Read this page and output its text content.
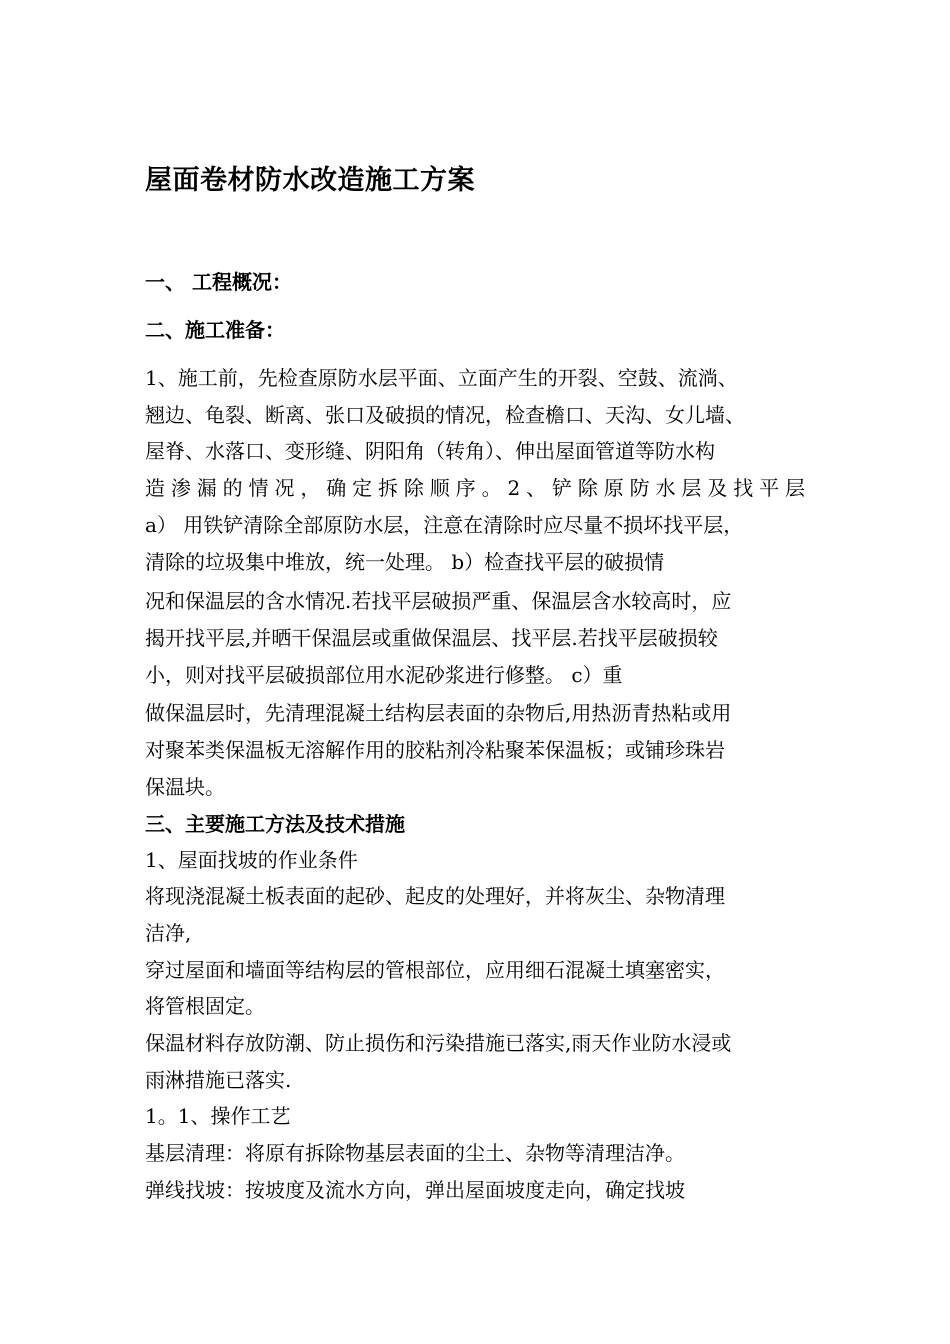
屋面卷材防水改造施工方案
一、 工程概况：
二、施工准备：
1、施工前，先检查原防水层平面、立面产生的开裂、空鼓、流淌、
翘边、龟裂、断离、张口及破损的情况，检查檐口、天沟、女儿墙、
屋脊、水落口、变形缝、阴阳角（转角）、伸出屋面管道等防水构
造渗漏的情况，确定拆除顺序。2、铲除原防水层及找平层
a） 用铁铲清除全部原防水层，注意在清除时应尽量不损坏找平层，
清除的垃圾集中堆放，统一处理。 b）检查找平层的破损情
况和保温层的含水情况.若找平层破损严重、保温层含水较高时，应
揭开找平层,并晒干保温层或重做保温层、找平层.若找平层破损较
小，则对找平层破损部位用水泥砂浆进行修整。 c）重
做保温层时，先清理混凝土结构层表面的杂物后,用热沥青热粘或用
对聚苯类保温板无溶解作用的胶粘剂冷粘聚苯保温板；或铺珍珠岩
保温块。
三、主要施工方法及技术措施
1、屋面找坡的作业条件
将现浇混凝土板表面的起砂、起皮的处理好，并将灰尘、杂物清理
洁净,
穿过屋面和墙面等结构层的管根部位，应用细石混凝土填塞密实，
将管根固定。
保温材料存放防潮、防止损伤和污染措施已落实,雨天作业防水浸或
雨淋措施已落实.
1。1、操作工艺
基层清理：将原有拆除物基层表面的尘土、杂物等清理洁净。
弹线找坡：按坡度及流水方向，弹出屋面坡度走向，确定找坡
